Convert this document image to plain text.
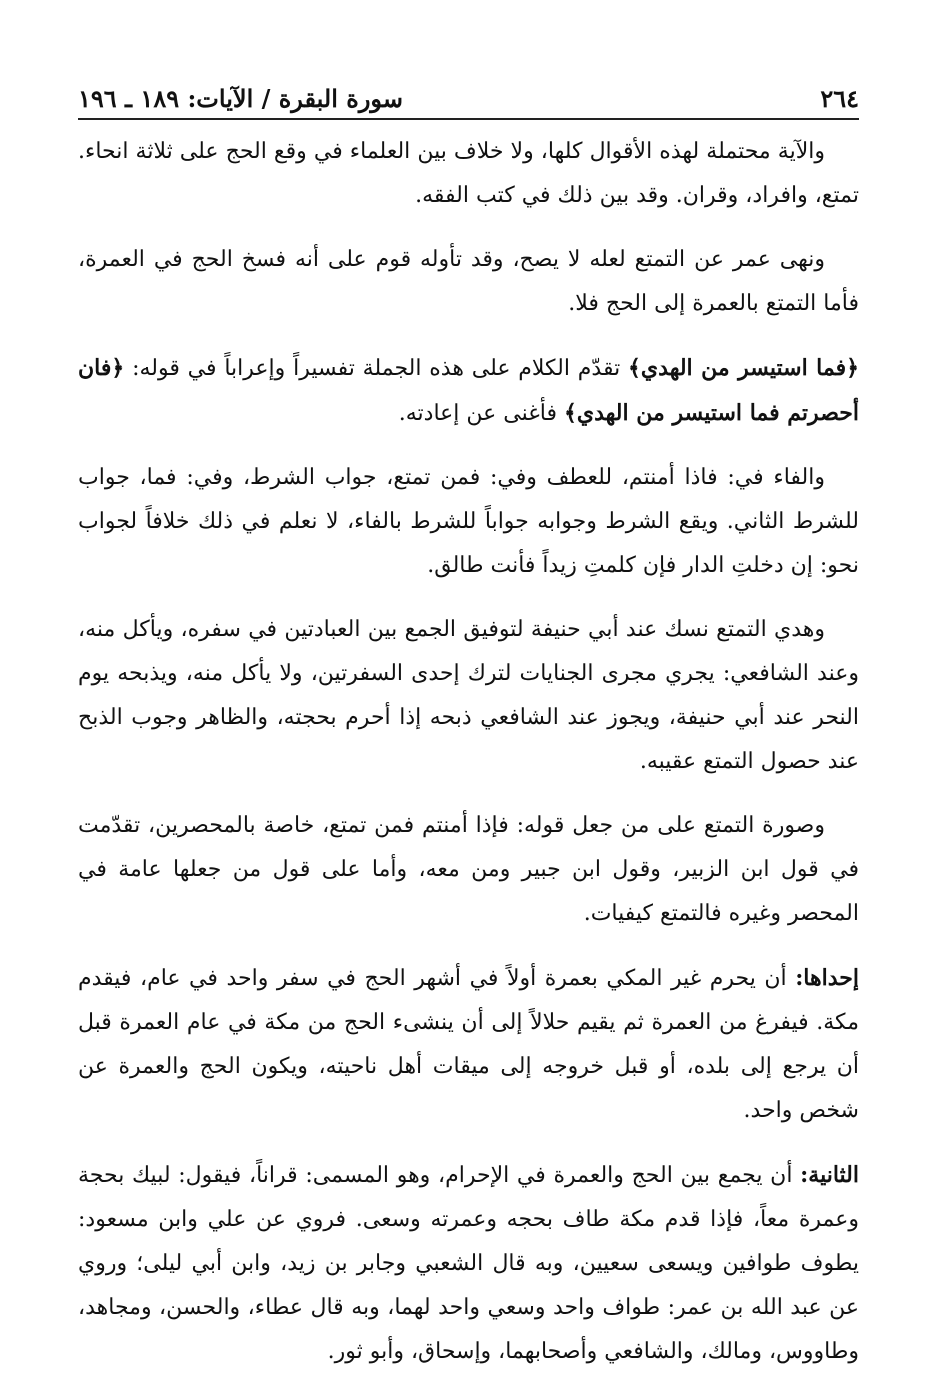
٢٦٤
سورة البقرة / الآيات: ١٨٩ ـ ١٩٦

والآية محتملة لهذه الأقوال كلها، ولا خلاف بين العلماء في وقع الحج على ثلاثة انحاء. تمتع، وافراد، وقران. وقد بين ذلك في كتب الفقه.

ونهى عمر عن التمتع لعله لا يصح، وقد تأوله قوم على أنه فسخ الحج في العمرة، فأما التمتع بالعمرة إلى الحج فلا.

﴿فما استيسر من الهدي﴾ تقدّم الكلام على هذه الجملة تفسيراً وإعراباً في قوله: ﴿فان أحصرتم فما استيسر من الهدي﴾ فأغنى عن إعادته.

والفاء في: فاذا أمنتم، للعطف وفي: فمن تمتع، جواب الشرط، وفي: فما، جواب للشرط الثاني. ويقع الشرط وجوابه جواباً للشرط بالفاء، لا نعلم في ذلك خلافاً لجواب نحو: إن دخلتِ الدار فإن كلمتِ زيداً فأنت طالق.

وهدي التمتع نسك عند أبي حنيفة لتوفيق الجمع بين العبادتين في سفره، ويأكل منه، وعند الشافعي: يجري مجرى الجنايات لترك إحدى السفرتين، ولا يأكل منه، ويذبحه يوم النحر عند أبي حنيفة، ويجوز عند الشافعي ذبحه إذا أحرم بحجته، والظاهر وجوب الذبح عند حصول التمتع عقيبه.

وصورة التمتع على من جعل قوله: فإذا أمنتم فمن تمتع، خاصة بالمحصرين، تقدّمت في قول ابن الزبير، وقول ابن جبير ومن معه، وأما على قول من جعلها عامة في المحصر وغيره فالتمتع كيفيات.

إحداها: أن يحرم غير المكي بعمرة أولاً في أشهر الحج في سفر واحد في عام، فيقدم مكة. فيفرغ من العمرة ثم يقيم حلالاً إلى أن ينشىء الحج من مكة في عام العمرة قبل أن يرجع إلى بلده، أو قبل خروجه إلى ميقات أهل ناحيته، ويكون الحج والعمرة عن شخص واحد.

الثانية: أن يجمع بين الحج والعمرة في الإحرام، وهو المسمى: قراناً، فيقول: لبيك بحجة وعمرة معاً، فإذا قدم مكة طاف بحجه وعمرته وسعى. فروي عن علي وابن مسعود: يطوف طوافين ويسعى سعيين، وبه قال الشعبي وجابر بن زيد، وابن أبي ليلى؛ وروي عن عبد الله بن عمر: طواف واحد وسعي واحد لهما، وبه قال عطاء، والحسن، ومجاهد، وطاووس، ومالك، والشافعي وأصحابهما، وإسحاق، وأبو ثور.
